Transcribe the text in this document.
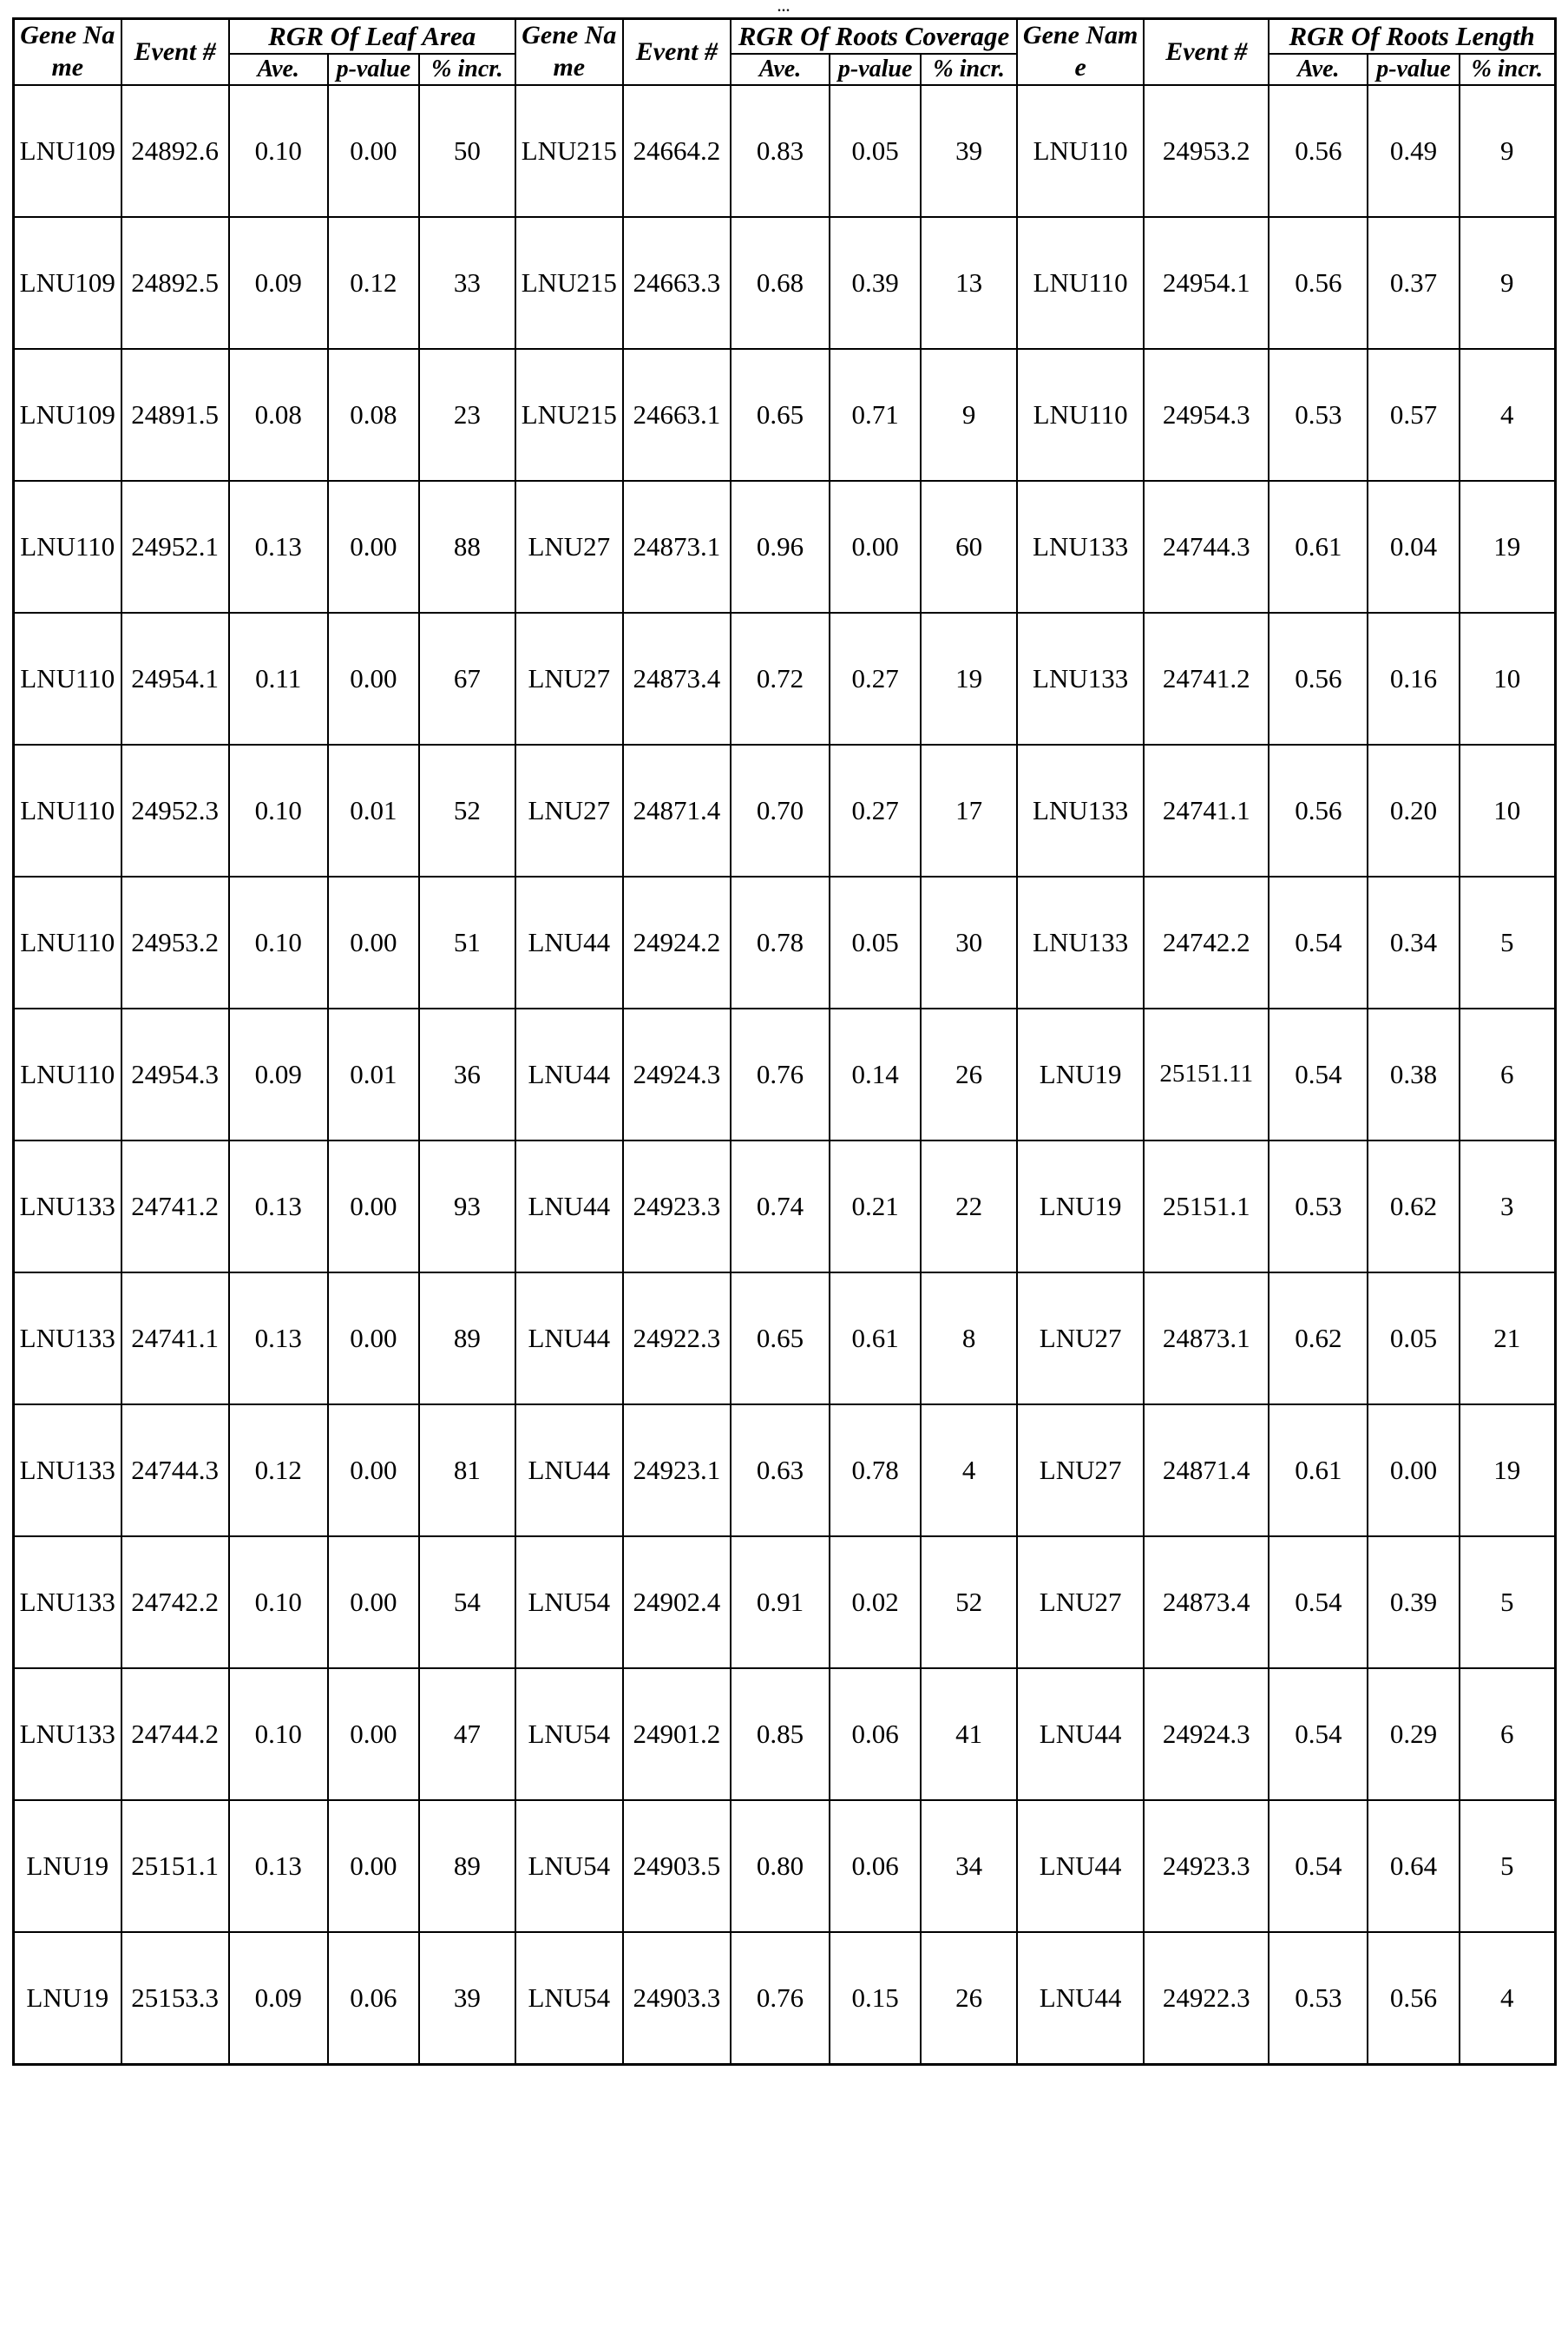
...
Gene Name	Event #	RGR Of Leaf Area			Gene Name	Event #	RGR Of Roots Coverage			Gene Name	Event #	RGR Of Roots Length		
		Ave.	p-value	% incr.			Ave.	p-value	% incr.			Ave.	p-value	% incr.
LNU109	24892.6	0.10	0.00	50	LNU215	24664.2	0.83	0.05	39	LNU110	24953.2	0.56	0.49	9
LNU109	24892.5	0.09	0.12	33	LNU215	24663.3	0.68	0.39	13	LNU110	24954.1	0.56	0.37	9
LNU109	24891.5	0.08	0.08	23	LNU215	24663.1	0.65	0.71	9	LNU110	24954.3	0.53	0.57	4
LNU110	24952.1	0.13	0.00	88	LNU27	24873.1	0.96	0.00	60	LNU133	24744.3	0.61	0.04	19
LNU110	24954.1	0.11	0.00	67	LNU27	24873.4	0.72	0.27	19	LNU133	24741.2	0.56	0.16	10
LNU110	24952.3	0.10	0.01	52	LNU27	24871.4	0.70	0.27	17	LNU133	24741.1	0.56	0.20	10
LNU110	24953.2	0.10	0.00	51	LNU44	24924.2	0.78	0.05	30	LNU133	24742.2	0.54	0.34	5
LNU110	24954.3	0.09	0.01	36	LNU44	24924.3	0.76	0.14	26	LNU19	25151.11	0.54	0.38	6
LNU133	24741.2	0.13	0.00	93	LNU44	24923.3	0.74	0.21	22	LNU19	25151.1	0.53	0.62	3
LNU133	24741.1	0.13	0.00	89	LNU44	24922.3	0.65	0.61	8	LNU27	24873.1	0.62	0.05	21
LNU133	24744.3	0.12	0.00	81	LNU44	24923.1	0.63	0.78	4	LNU27	24871.4	0.61	0.00	19
LNU133	24742.2	0.10	0.00	54	LNU54	24902.4	0.91	0.02	52	LNU27	24873.4	0.54	0.39	5
LNU133	24744.2	0.10	0.00	47	LNU54	24901.2	0.85	0.06	41	LNU44	24924.3	0.54	0.29	6
LNU19	25151.1	0.13	0.00	89	LNU54	24903.5	0.80	0.06	34	LNU44	24923.3	0.54	0.64	5
LNU19	25153.3	0.09	0.06	39	LNU54	24903.3	0.76	0.15	26	LNU44	24922.3	0.53	0.56	4
